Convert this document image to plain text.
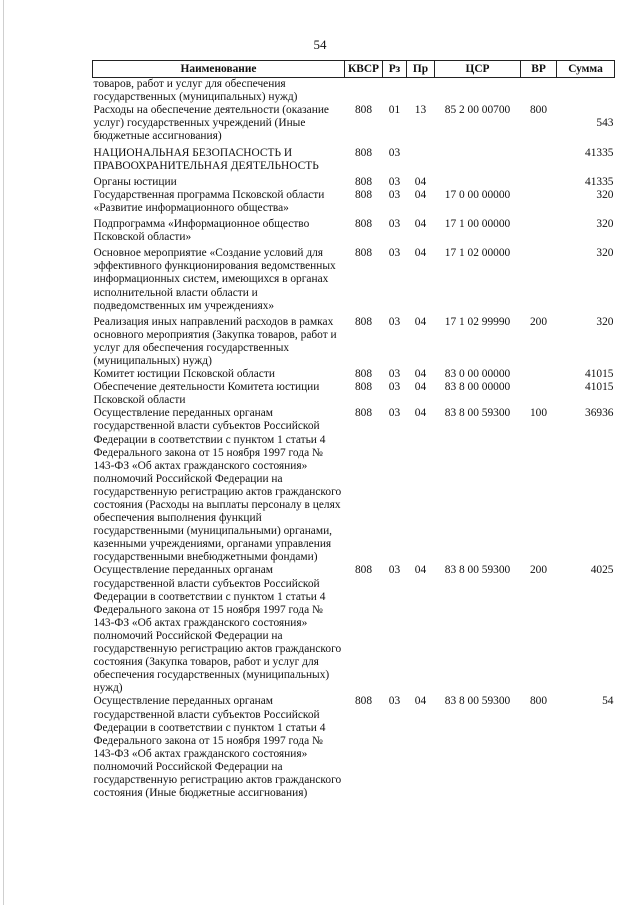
54
Наименование	КВСР	Рз	Пр	ЦСР	ВР	Сумма
товаров, работ и услуг для обеспечения государственных (муниципальных) нужд)						
Расходы на обеспечение деятельности (оказание услуг) государственных учреждений (Иные бюджетные ассигнования)	808	01	13	85 2 00 00700	800	543
НАЦИОНАЛЬНАЯ БЕЗОПАСНОСТЬ И ПРАВООХРАНИТЕЛЬНАЯ ДЕЯТЕЛЬНОСТЬ	808	03				41335
Органы юстиции	808	03	04			41335
Государственная программа Псковской области «Развитие информационного общества»	808	03	04	17 0 00 00000		320
Подпрограмма «Информационное общество Псковской области»	808	03	04	17 1 00 00000		320
Основное мероприятие «Создание условий для эффективного функционирования ведомственных информационных систем, имеющихся в органах исполнительной власти области и подведомственных им учреждениях»	808	03	04	17 1 02 00000		320
Реализация иных направлений расходов в рамках основного мероприятия (Закупка товаров, работ и услуг для обеспечения государственных (муниципальных) нужд)	808	03	04	17 1 02 99990	200	320
Комитет юстиции Псковской области	808	03	04	83 0 00 00000		41015
Обеспечение деятельности Комитета юстиции Псковской области	808	03	04	83 8 00 00000		41015
Осуществление переданных органам государственной власти субъектов Российской Федерации в соответствии с пунктом 1 статьи 4 Федерального закона от 15 ноября 1997 года № 143-ФЗ «Об актах гражданского состояния» полномочий Российской Федерации на государственную регистрацию актов гражданского состояния (Расходы на выплаты персоналу в целях обеспечения выполнения функций государственными (муниципальными) органами, казенными учреждениями, органами управления государственными внебюджетными фондами)	808	03	04	83 8 00 59300	100	36936
Осуществление переданных органам государственной власти субъектов Российской Федерации в соответствии с пунктом 1 статьи 4 Федерального закона от 15 ноября 1997 года № 143-ФЗ «Об актах гражданского состояния» полномочий Российской Федерации на государственную регистрацию актов гражданского состояния (Закупка товаров, работ и услуг для обеспечения государственных (муниципальных) нужд)	808	03	04	83 8 00 59300	200	4025
Осуществление переданных органам государственной власти субъектов Российской Федерации в соответствии с пунктом 1 статьи 4 Федерального закона от 15 ноября 1997 года № 143-ФЗ «Об актах гражданского состояния» полномочий Российской Федерации на государственную регистрацию актов гражданского состояния (Иные бюджетные ассигнования)	808	03	04	83 8 00 59300	800	54
